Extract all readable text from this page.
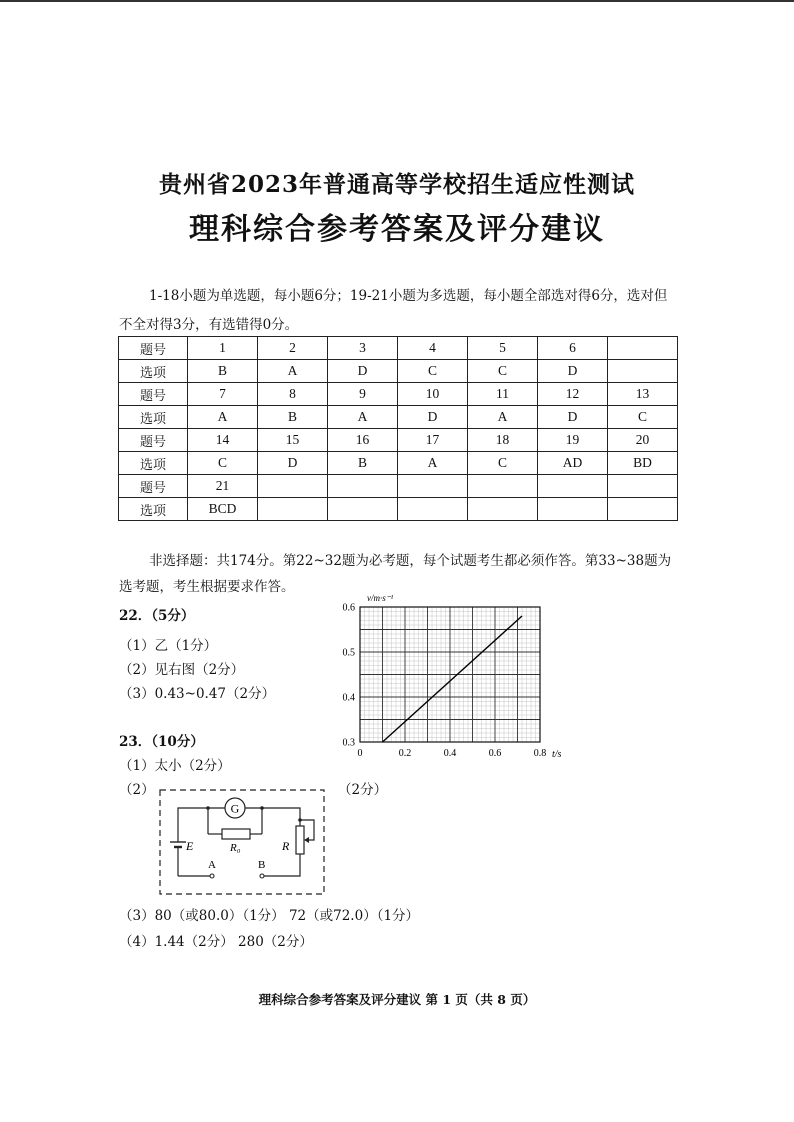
贵州省2023年普通高等学校招生适应性测试
理科综合参考答案及评分建议
1-18小题为单选题，每小题6分；19-21小题为多选题，每小题全部选对得6分，选对但不全对得3分，有选错得0分。
题号	1	2	3	4	5	6	
选项	B	A	D	C	C	D	
题号	7	8	9	10	11	12	13
选项	A	B	A	D	A	D	C
题号	14	15	16	17	18	19	20
选项	C	D	B	A	C	AD	BD
题号	21						
选项	BCD						
非选择题：共174分。第22~32题为必考题，每个试题考生都必须作答。第33~38题为选考题，考生根据要求作答。
22．（5分）
（1）乙（1分）
（2）见右图（2分）
（3）0.43~0.47（2分）
0	0.2	0.4	0.6	0.8
0.3
0.4
0.5
0.6
v/m·s⁻¹
t/s
23．（10分）
（1）太小（2分）
（2）	（2分）
G
R₀	R
E
A	B
（3）80（或80.0）（1分） 72（或72.0）（1分）
（4）1.44（2分） 280（2分）
理科综合参考答案及评分建议 第 1 页（共 8 页）
